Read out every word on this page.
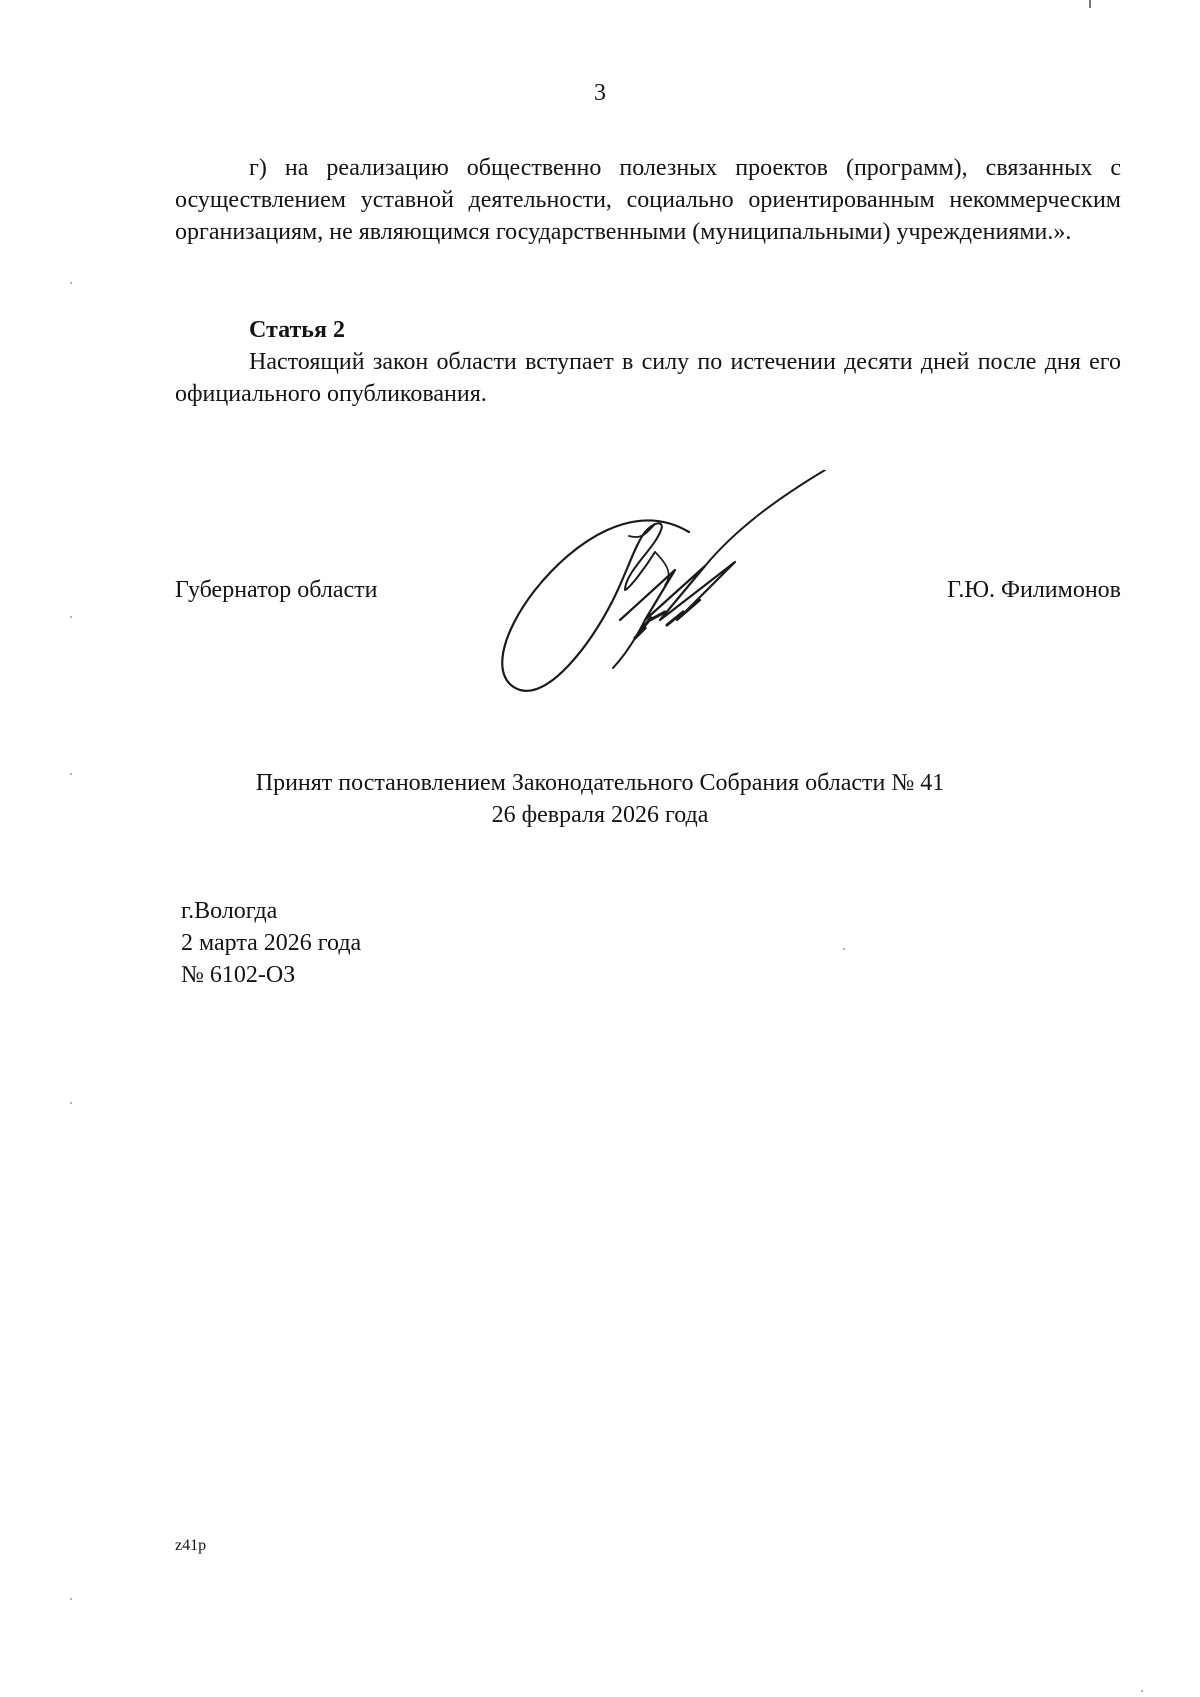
3
г) на реализацию общественно полезных проектов (программ), связанных с осуществлением уставной деятельности, социально ориентированным некоммерческим организациям, не являющимся государственными (муниципальными) учреждениями.».
Статья 2
Настоящий закон области вступает в силу по истечении десяти дней после дня его официального опубликования.
Губернатор области	Г.Ю. Филимонов
Принят постановлением Законодательного Собрания области № 41
26 февраля 2026 года
г.Вологда
2 марта 2026 года
№ 6102-ОЗ
z41p
